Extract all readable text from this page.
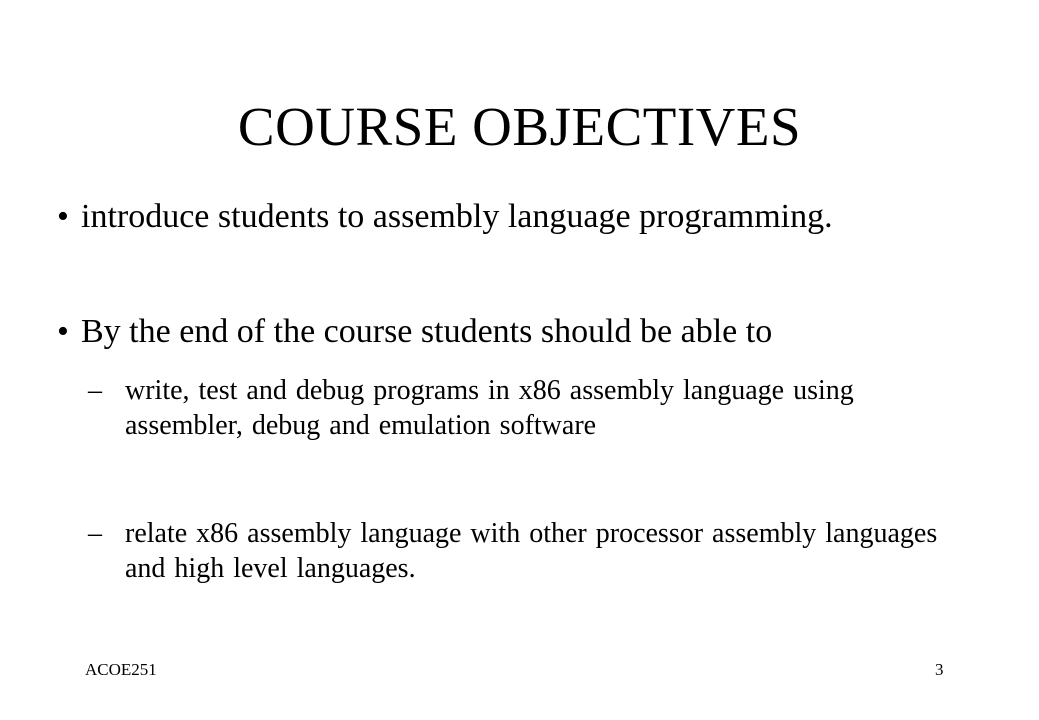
COURSE OBJECTIVES
• introduce students to assembly language programming.
• By the end of the course students should be able to
– write, test and debug programs in x86 assembly language using assembler, debug and emulation software
– relate x86 assembly language with other processor assembly languages and high level languages.
ACOE251	3
